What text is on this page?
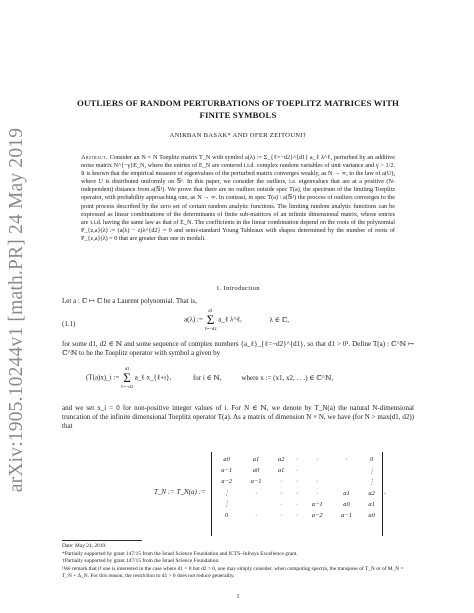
arXiv:1905.10244v1 [math.PR] 24 May 2019
OUTLIERS OF RANDOM PERTURBATIONS OF TOEPLITZ MATRICES WITH
FINITE SYMBOLS
ANIRBAN BASAK* AND OFER ZEITOUNI†
Abstract. Consider an N × N Toeplitz matrix T_N with symbol a(λ) := Σ_{ℓ=−d2}^{d1} a_ℓ λ^ℓ, perturbed by an additive noise matrix N^{−γ}E_N, where the entries of E_N are centered i.i.d. complex random variables of unit variance and γ > 1/2. It is known that the empirical measure of eigenvalues of the perturbed matrix converges weakly, as N → ∞, to the law of a(U), where U is distributed uniformly on 𝕊¹. In this paper, we consider the outliers, i.e. eigenvalues that are at a positive (N-independent) distance from a(𝕊¹). We prove that there are no outliers outside spec T(a), the spectrum of the limiting Toeplitz operator, with probability approaching one, as N → ∞. In contrast, in spec T(a) \ a(𝕊¹) the process of outliers converges to the point process described by the zero set of certain random analytic functions. The limiting random analytic functions can be expressed as linear combinations of the determinants of finite sub-matrices of an infinite dimensional matrix, whose entries are i.i.d. having the same law as that of E_N. The coefficients in the linear combination depend on the roots of the polynomial P_{z,a}(λ) := (a(λ) − z)λ^{d2} = 0 and semi-standard Young Tableaux with shapes determined by the number of roots of P_{z,a}(λ) = 0 that are greater than one in moduli.
1. Introduction
Let a : ℂ ↦ ℂ be a Laurent polynomial. That is,
(1.1)
a(λ) :=
d1
Σ
ℓ=−d2
a_ℓ λ^ℓ,	λ ∈ ℂ,
for some d1, d2 ∈ ℕ and some sequence of complex numbers {a_ℓ}_{ℓ=−d2}^{d1}, so that d1 > 0¹. Define T(a) : ℂ^ℕ ↦ ℂ^ℕ to be the Toeplitz operator with symbol a given by
(T(a)x)_i :=
d1
Σ
ℓ=−d2
a_ℓ x_{ℓ+i},	for i ∈ ℕ,	where x := (x1, x2, . . .) ∈ ℂ^ℕ,
and we set x_i = 0 for non-positive integer values of i. For N ∈ ℕ, we denote by T_N(a) the natural N-dimensional truncation of the infinite dimensional Toeplitz operator T(a). As a matrix of dimension N × N, we have (for N > max(d1, d2)) that
T_N := T_N(a) :=
a0	a1	a2	·	·	·	0
a−1	a0	a1	·			⋮
a−2	a−1	·	·	·		⋮
⋮	·	·	·	·	a1	a2
⋮		·	·	a−1	a0	a1
0	·	·	·	a−2	a−1	a0
.
Date: May 24, 2019.
*Partially supported by grant 147/15 from the Israel Science Foundation and ICTS–Infosys Excellence grant.
†Partially supported by grant 147/15 from the Israel Science Foundation.
¹We remark that if one is interested in the case where d1 = 0 but d2 > 0, one may simply consider, when computing spectra, the transpose of T_N or of M_N = T_N + Δ_N. For this reason, the restriction to d1 > 0 does not reduce generality.
1
